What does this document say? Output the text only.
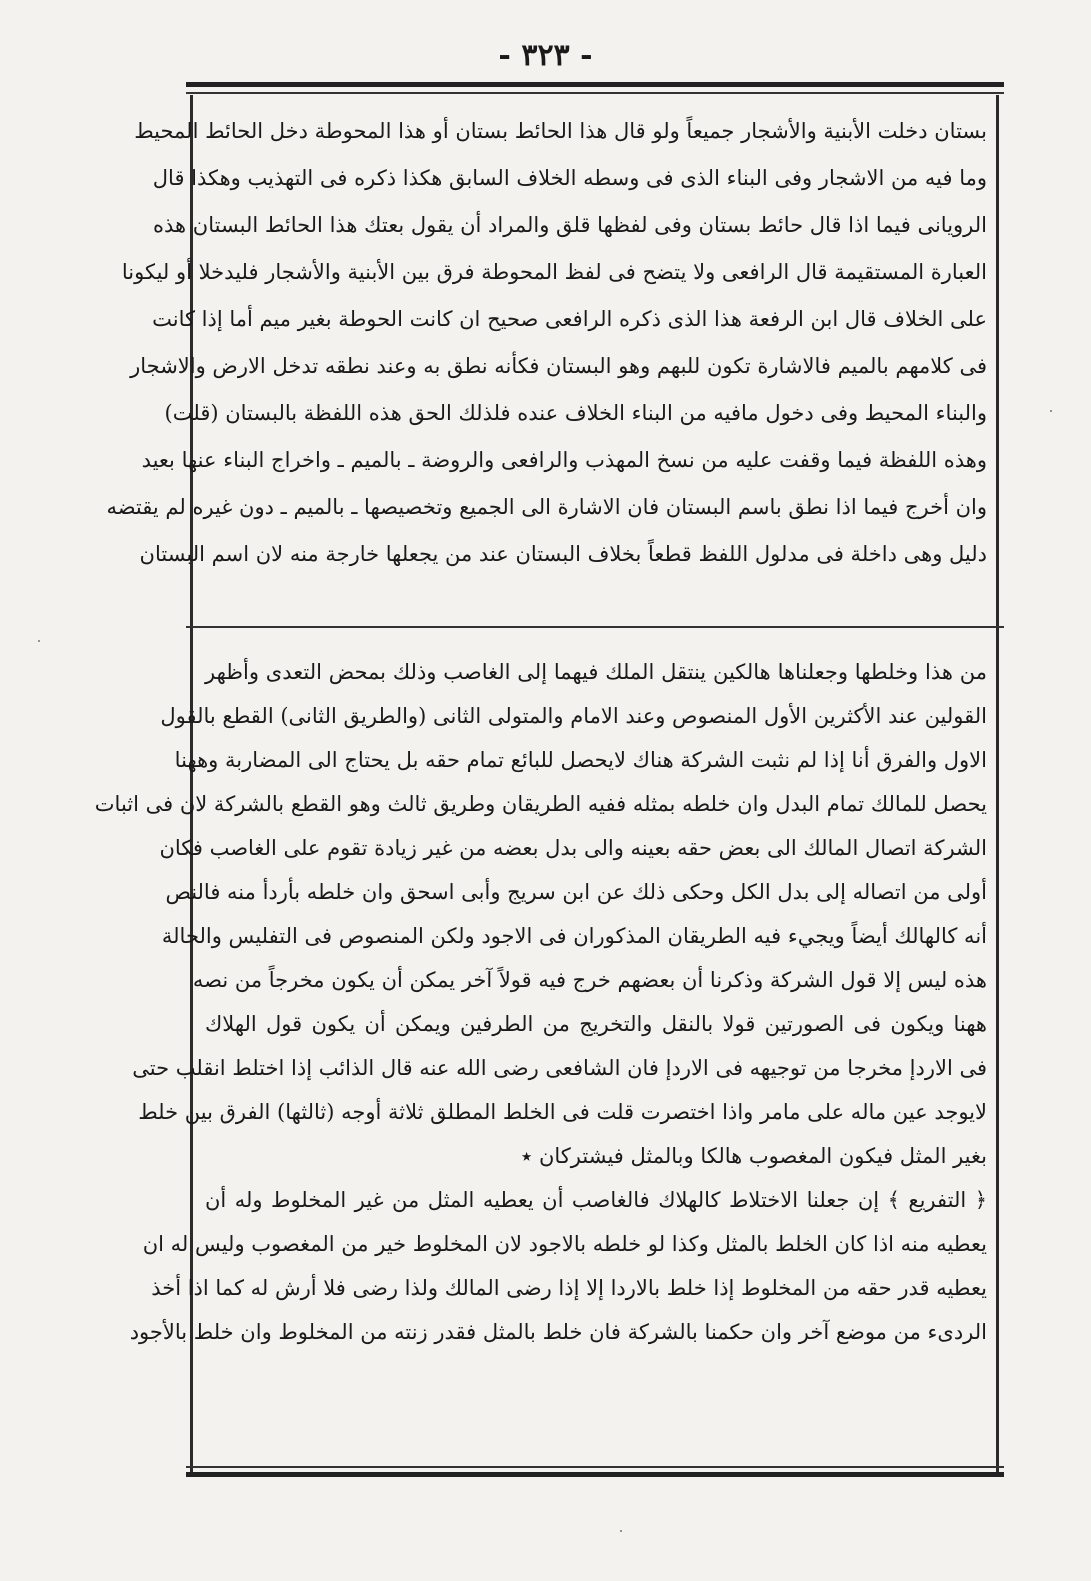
- ٣٢٣ -

بستان دخلت الأبنية والأشجار جميعاً ولو قال هذا الحائط بستان أو هذا المحوطة دخل الحائط المحيط

وما فيه من الاشجار وفى البناء الذى فى وسطه الخلاف السابق هكذا ذكره فى التهذيب وهكذا قال

الرويانى فيما اذا قال حائط بستان وفى لفظها قلق والمراد أن يقول بعتك هذا الحائط البستان هذه

العبارة المستقيمة قال الرافعى ولا يتضح فى لفظ المحوطة فرق بين الأبنية والأشجار فليدخلا أو ليكونا

على الخلاف قال ابن الرفعة هذا الذى ذكره الرافعى صحيح ان كانت الحوطة بغير ميم أما إذا كانت

فى كلامهم بالميم فالاشارة تكون للبهم وهو البستان فكأنه نطق به وعند نطقه تدخل الارض والاشجار

والبناء المحيط وفى دخول مافيه من البناء الخلاف عنده فلذلك الحق هذه اللفظة بالبستان (قلت)

وهذه اللفظة فيما وقفت عليه من نسخ المهذب والرافعى والروضة ـ بالميم ـ واخراج البناء عنها بعيد

وان أخرج فيما اذا نطق باسم البستان فان الاشارة الى الجميع وتخصيصها ـ بالميم ـ دون غيره لم يقتضه

دليل وهى داخلة فى مدلول اللفظ قطعاً بخلاف البستان عند من يجعلها خارجة منه لان اسم البستان

من هذا وخلطها وجعلناها هالكين ينتقل الملك فيهما إلى الغاصب وذلك بمحض التعدى وأظهر

القولين عند الأكثرين الأول المنصوص وعند الامام والمتولى الثانى (والطريق الثانى) القطع بالقول

الاول والفرق أنا إذا لم نثبت الشركة هناك لايحصل للبائع تمام حقه بل يحتاج الى المضاربة وههنا

يحصل للمالك تمام البدل وان خلطه بمثله ففيه الطريقان وطريق ثالث وهو القطع بالشركة لان فى اثبات

الشركة اتصال المالك الى بعض حقه بعينه والى بدل بعضه من غير زيادة تقوم على الغاصب فكان

أولى من اتصاله إلى بدل الكل وحكى ذلك عن ابن سريج وأبى اسحق وان خلطه بأردأ منه فالنص

أنه كالهالك أيضاً ويجيء فيه الطريقان المذكوران فى الاجود ولكن المنصوص فى التفليس والحالة

هذه ليس إلا قول الشركة وذكرنا أن بعضهم خرج فيه قولاً آخر يمكن أن يكون مخرجاً من نصه

ههنا ويكون فى الصورتين قولا بالنقل والتخريج من الطرفين ويمكن أن يكون قول الهلاك

فى الاردإ مخرجا من توجيهه فى الاردإ فان الشافعى رضى الله عنه قال الذائب إذا اختلط انقلب حتى

لايوجد عين ماله على مامر واذا اختصرت قلت فى الخلط المطلق ثلاثة أوجه (ثالثها) الفرق بين خلط

بغير المثل فيكون المغصوب هالكا وبالمثل فيشتركان ٭

﴿ التفريع ﴾ إن جعلنا الاختلاط كالهلاك فالغاصب أن يعطيه المثل من غير المخلوط وله أن

يعطيه منه اذا كان الخلط بالمثل وكذا لو خلطه بالاجود لان المخلوط خير من المغصوب وليس له ان

يعطيه قدر حقه من المخلوط إذا خلط بالاردا إلا إذا رضى المالك ولذا رضى فلا أرش له كما اذا أخذ

الردىء من موضع آخر وان حكمنا بالشركة فان خلط بالمثل فقدر زنته من المخلوط وان خلط بالأجود
